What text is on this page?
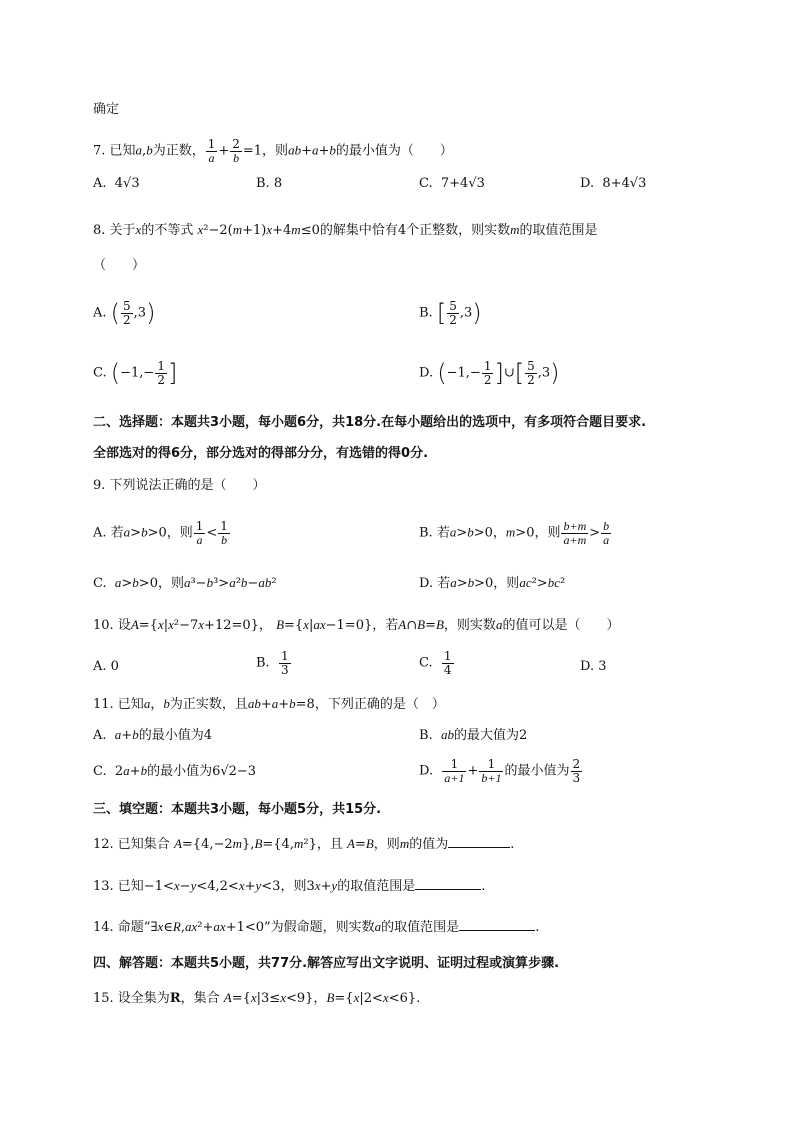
确定
7. 已知a,b为正数， $\frac{1}{a} + \frac{2}{b} =1$，则ab+a+b的最小值为（　　）
A.  4√3	B. 8	C.  7+4√3	D.  8+4√3
8. 关于x的不等式 x²−2(m+1)x+4m≤0的解集中恰有4个正整数，则实数m的取值范围是
（　　）
A. ( $\frac{5}{2} ,3$)	B. [ $\frac{5}{2} ,3$)
C. ($-1,- \frac{1}{2}$ ]	D. ($-1,- \frac{1}{2}$ ]∪[ $\frac{5}{2} ,3$)
二、选择题：本题共3小题，每小题6分，共18分.在每小题给出的选项中，有多项符合题目要求.
全部选对的得6分，部分选对的得部分分，有选错的得0分.
9. 下列说法正确的是（　　）
A. 若a>b>0，则 $\frac{1}{a} < \frac{1}{b}$	B. 若a>b>0，m>0，则 $\frac{b+m}{a+m} > \frac{b}{a}$
C.  a>b>0，则a³−b³>a²b−ab²	D. 若a>b>0，则ac²>bc²
10. 设A={x|x²−7x+12=0}， B={x|ax−1=0}，若A∩B=B，则实数a的值可以是（　　）
A. 0	B. $\frac{1}{3}$	C. $\frac{1}{4}$	D. 3
11. 已知a，b为正实数，且ab+a+b=8，下列正确的是（　）
A.  a+b的最小值为4	B.  ab的最大值为2
C.  2a+b的最小值为6√2−3	D. $\frac{1}{a+1} + \frac{1}{b+1}$ 的最小值为 $\frac{2}{3}$
三、填空题：本题共3小题，每小题5分，共15分.
12. 已知集合 A={4,−2m},B={4,m²}，且 A=B，则m的值为	.
13. 已知−1<x−y<4,2<x+y<3，则3x+y的取值范围是	.
14. 命题“∃x∈R,ax²+ax+1<0”为假命题，则实数a的取值范围是	.
四、解答题：本题共5小题，共77分.解答应写出文字说明、证明过程或演算步骤.
15. 设全集为R，集合 A={x|3≤x<9}，B={x|2<x<6}.
